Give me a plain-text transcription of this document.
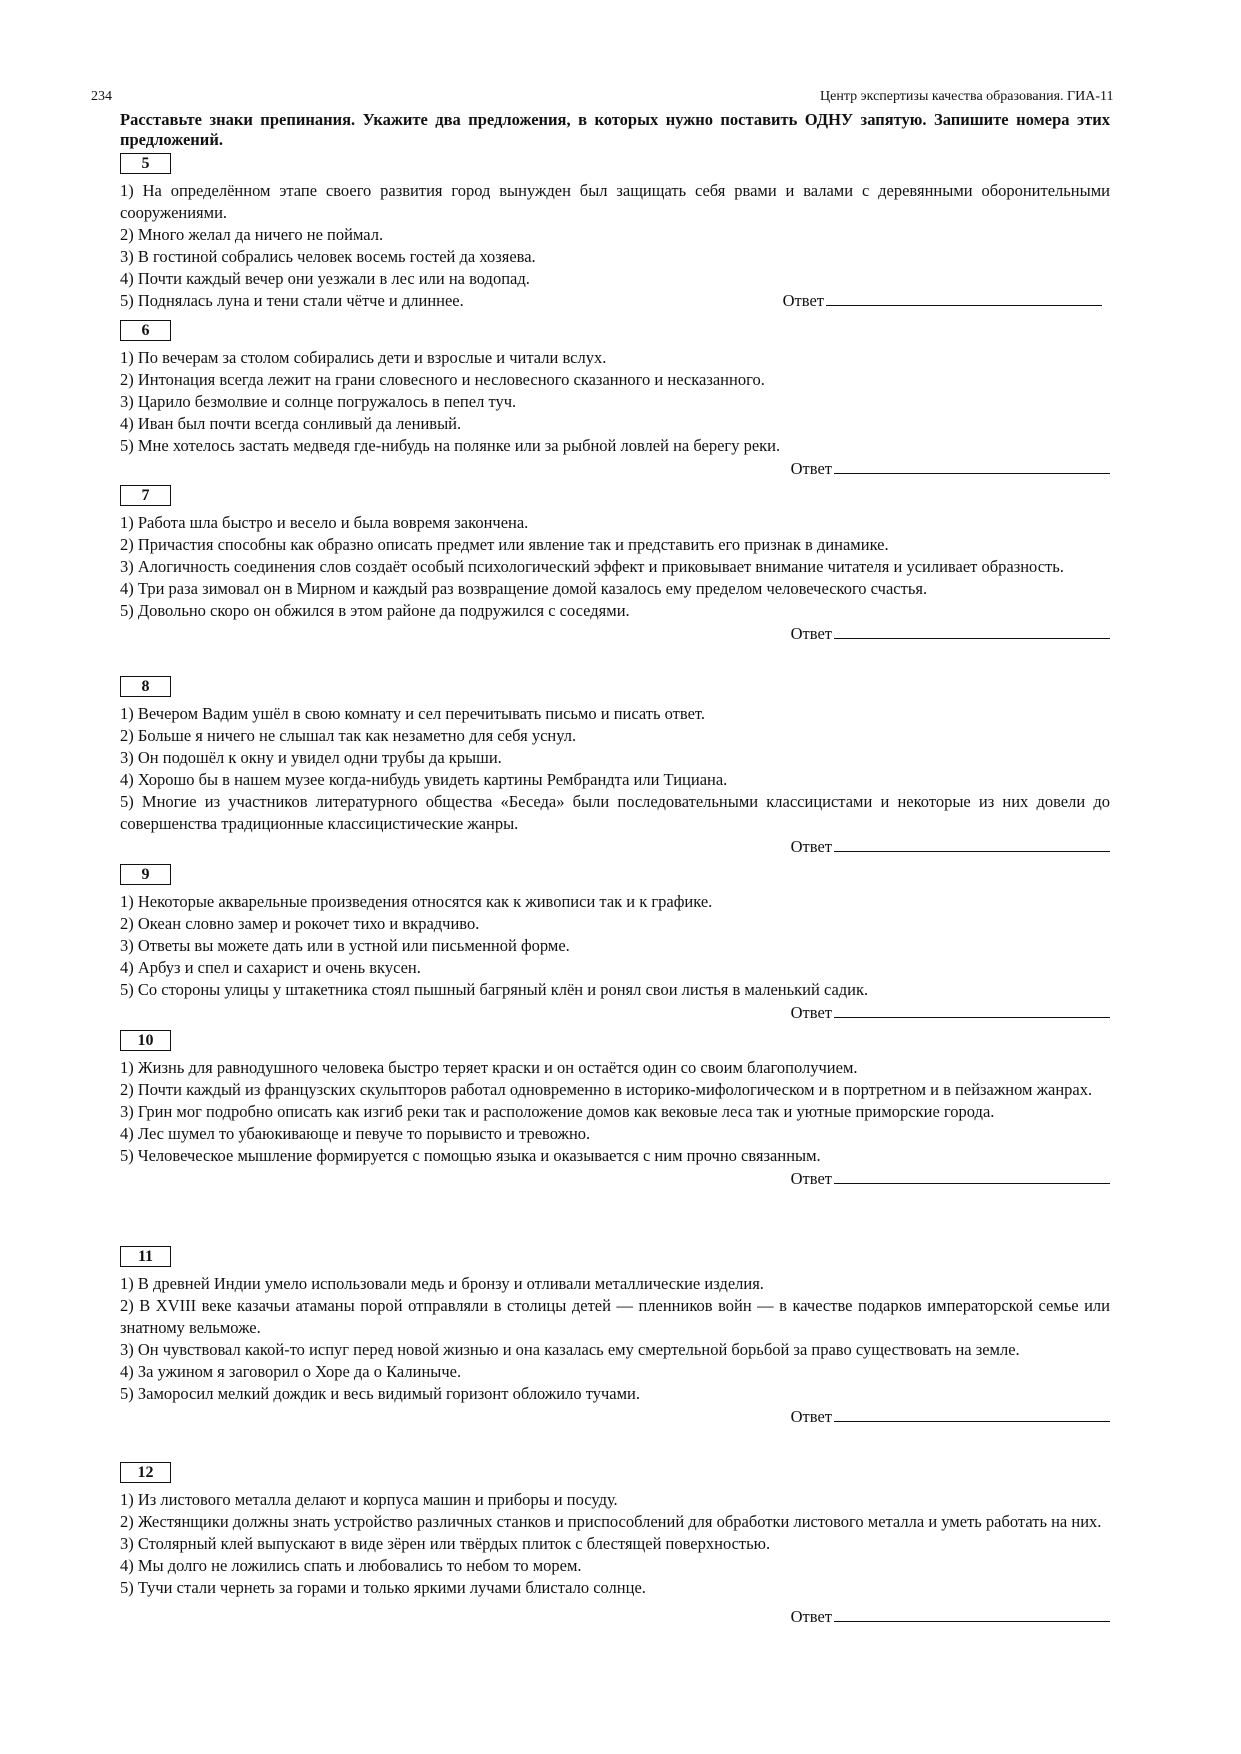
234	Центр экспертизы качества образования. ГИА-11
Расставьте знаки препинания. Укажите два предложения, в которых нужно поставить ОДНУ запятую. Запишите номера этих предложений.
5
1) На определённом этапе своего развития город вынужден был защищать себя рвами и валами с деревянными оборонительными сооружениями.
2) Много желал да ничего не поймал.
3) В гостиной собрались человек восемь гостей да хозяева.
4) Почти каждый вечер они уезжали в лес или на водопад.
5) Поднялась луна и тени стали чётче и длиннее.	Ответ
6
1) По вечерам за столом собирались дети и взрослые и читали вслух.
2) Интонация всегда лежит на грани словесного и несловесного сказанного и несказанного.
3) Царило безмолвие и солнце погружалось в пепел туч.
4) Иван был почти всегда сонливый да ленивый.
5) Мне хотелось застать медведя где-нибудь на полянке или за рыбной ловлей на берегу реки.
Ответ
7
1) Работа шла быстро и весело и была вовремя закончена.
2) Причастия способны как образно описать предмет или явление так и представить его признак в динамике.
3) Алогичность соединения слов создаёт особый психологический эффект и приковывает внимание читателя и усиливает образность.
4) Три раза зимовал он в Мирном и каждый раз возвращение домой казалось ему пределом человеческого счастья.
5) Довольно скоро он обжился в этом районе да подружился с соседями.
Ответ
8
1) Вечером Вадим ушёл в свою комнату и сел перечитывать письмо и писать ответ.
2) Больше я ничего не слышал так как незаметно для себя уснул.
3) Он подошёл к окну и увидел одни трубы да крыши.
4) Хорошо бы в нашем музее когда-нибудь увидеть картины Рембрандта или Тициана.
5) Многие из участников литературного общества «Беседа» были последовательными классицистами и некоторые из них довели до совершенства традиционные классицистические жанры.
Ответ
9
1) Некоторые акварельные произведения относятся как к живописи так и к графике.
2) Океан словно замер и рокочет тихо и вкрадчиво.
3) Ответы вы можете дать или в устной или письменной форме.
4) Арбуз и спел и сахарист и очень вкусен.
5) Со стороны улицы у штакетника стоял пышный багряный клён и ронял свои листья в маленький садик.
Ответ
10
1) Жизнь для равнодушного человека быстро теряет краски и он остаётся один со своим благополучием.
2) Почти каждый из французских скульпторов работал одновременно в историко-мифологическом и в портретном и в пейзажном жанрах.
3) Грин мог подробно описать как изгиб реки так и расположение домов как вековые леса так и уютные приморские города.
4) Лес шумел то убаюкивающе и певуче то порывисто и тревожно.
5) Человеческое мышление формируется с помощью языка и оказывается с ним прочно связанным.
Ответ
11
1) В древней Индии умело использовали медь и бронзу и отливали металлические изделия.
2) В XVIII веке казачьи атаманы порой отправляли в столицы детей — пленников войн — в качестве подарков императорской семье или знатному вельможе.
3) Он чувствовал какой-то испуг перед новой жизнью и она казалась ему смертельной борьбой за право существовать на земле.
4) За ужином я заговорил о Хоре да о Калиныче.
5) Заморосил мелкий дождик и весь видимый горизонт обложило тучами.
Ответ
12
1) Из листового металла делают и корпуса машин и приборы и посуду.
2) Жестянщики должны знать устройство различных станков и приспособлений для обработки листового металла и уметь работать на них.
3) Столярный клей выпускают в виде зёрен или твёрдых плиток с блестящей поверхностью.
4) Мы долго не ложились спать и любовались то небом то морем.
5) Тучи стали чернеть за горами и только яркими лучами блистало солнце.
Ответ
